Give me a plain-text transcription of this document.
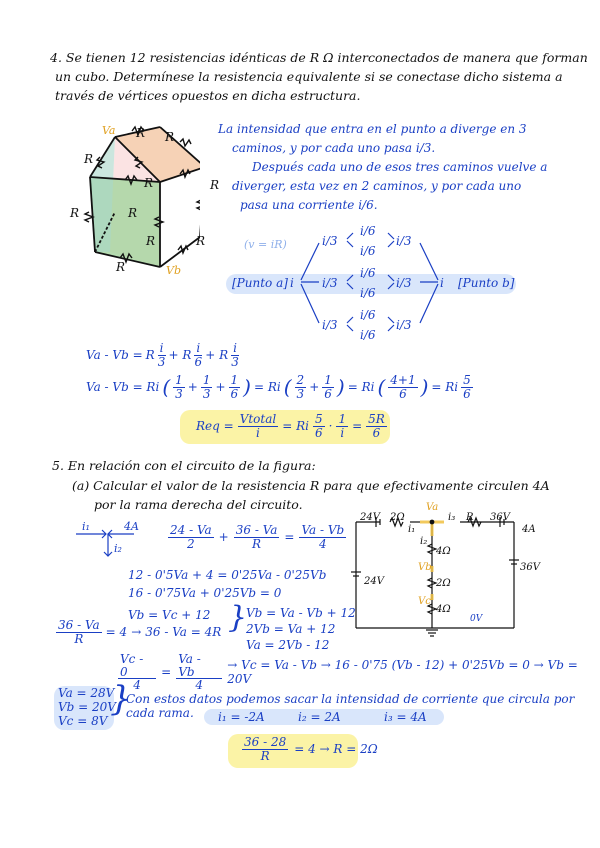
4. Se tienen 12 resistencias idénticas de R Ω interconectados de manera que forman
un cubo. Determínese la resistencia equivalente si se conectase dicho sistema a
través de vértices opuestos en dicha estructura.
Va
Vb
R R
R
R	R
R	R
R	R
R
La intensidad que entra en el punto a diverge en 3
caminos, y por cada uno pasa i/3.
Después cada uno de esos tres caminos vuelve a
diverger, esta vez en 2 caminos, y por cada uno
pasa una corriente i/6.
(v = iR)
[Punto a] i	i [Punto b]
i/3
i/3
i/3
i/3
i/3
i/3
i/6
i/6
i/6
i/6
i/6
i/6
Va - Vb = R $\frac{i}{3} + R \frac{i}{6} + R \frac{i}{3}$
Va - Vb = Ri ( $\frac{1}{3} + \frac{1}{3} + \frac{1}{6}$ ) = Ri ( $\frac{2}{3} + \frac{1}{6}$ ) = Ri ( $\frac{4+1}{6}$ ) = Ri $\frac{5}{6}$
Req = $\frac{\text{Vtotal}}{i} = Ri \frac{5}{6} \cdot \frac{1}{i} = \frac{5R}{6}$
5. En relación con el circuito de la figura:
(a) Calcular el valor de la resistencia R para que efectivamente circulen 4A
por la rama derecha del circuito.
i₁	4A
i₂	$\frac{24 - Va}{2} + \frac{36 - Va}{R} = \frac{Va - Vb}{4}$
12 - 0'5Va + 4 = 0'25Va - 0'25Vb
16 - 0'75Va + 0'25Vb = 0
Vb = Vc + 12
$\frac{36 - Va}{R} = 4 \to 36 - Va = 4R$ }
Vb = Va - Vb + 12
2Vb = Va + 12
Va = 2Vb - 12
$\frac{Vc - 0}{4} = \frac{Va - Vb}{4} \to Vc = Va - Vb \to 16 - 0'75$ (Vb - 12) + 0'25Vb = 0 → Vb = 20V
Va = 28V
Vb = 20V
Vc = 8V
}
Con estos datos podemos sacar la intensidad de corriente que circula por cada rama.	i₁ = -2A	i₂ = 2A	i₃ = 4A
$\frac{36 - 28}{R} = 4 \to R = 2\Omega$
24V 2Ω
Va
i₃ R 36V
i₁
i₂
4Ω
Vb
2Ω
Vc
4Ω
24V
36V
4A
0V
